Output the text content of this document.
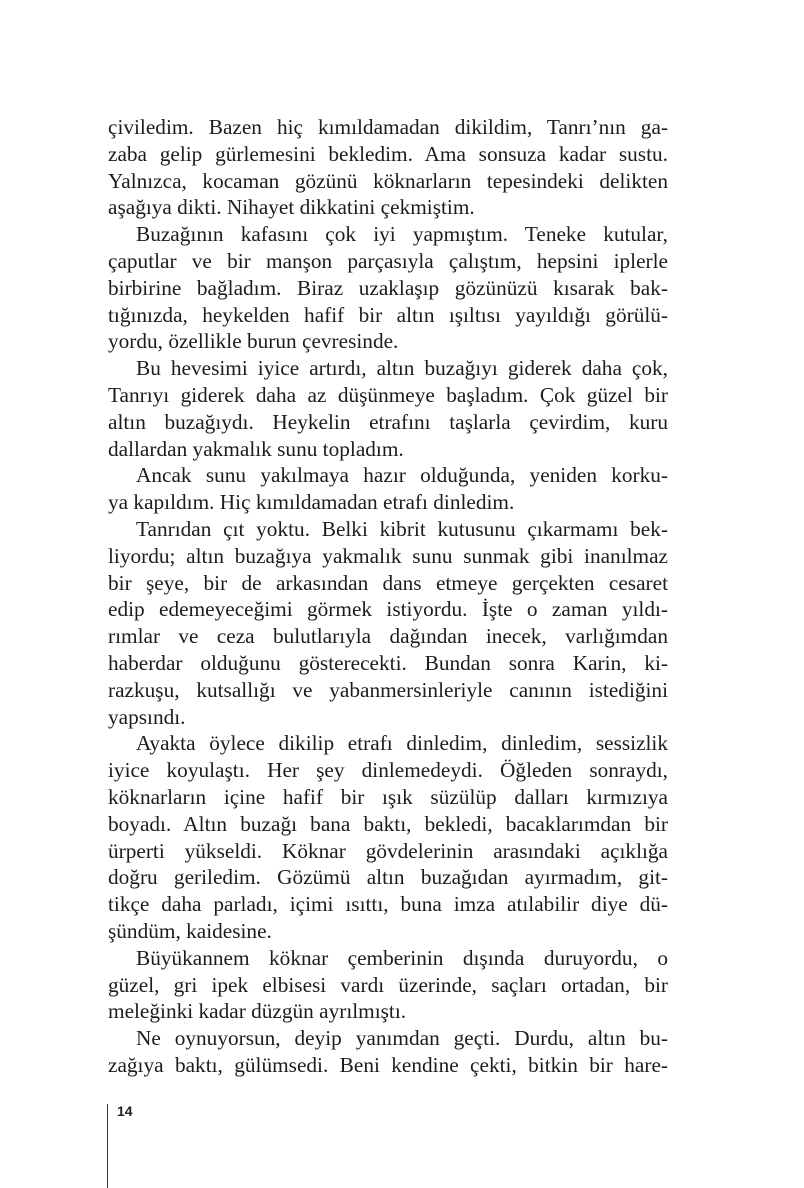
çiviledim. Bazen hiç kımıldamadan dikildim, Tanrı’nın ga-
zaba gelip gürlemesini bekledim. Ama sonsuza kadar sustu.
Yalnızca, kocaman gözünü köknarların tepesindeki delikten
aşağıya dikti. Nihayet dikkatini çekmiştim.
Buzağının kafasını çok iyi yapmıştım. Teneke kutular,
çaputlar ve bir manşon parçasıyla çalıştım, hepsini iplerle
birbirine bağladım. Biraz uzaklaşıp gözünüzü kısarak bak-
tığınızda, heykelden hafif bir altın ışıltısı yayıldığı görülü-
yordu, özellikle burun çevresinde.
Bu hevesimi iyice artırdı, altın buzağıyı giderek daha çok,
Tanrıyı giderek daha az düşünmeye başladım. Çok güzel bir
altın buzağıydı. Heykelin etrafını taşlarla çevirdim, kuru
dallardan yakmalık sunu topladım.
Ancak sunu yakılmaya hazır olduğunda, yeniden korku-
ya kapıldım. Hiç kımıldamadan etrafı dinledim.
Tanrıdan çıt yoktu. Belki kibrit kutusunu çıkarmamı bek-
liyordu; altın buzağıya yakmalık sunu sunmak gibi inanılmaz
bir şeye, bir de arkasından dans etmeye gerçekten cesaret
edip edemeyeceğimi görmek istiyordu. İşte o zaman yıldı-
rımlar ve ceza bulutlarıyla dağından inecek, varlığımdan
haberdar olduğunu gösterecekti. Bundan sonra Karin, ki-
razkuşu, kutsallığı ve yabanmersinleriyle canının istediğini
yapsındı.
Ayakta öylece dikilip etrafı dinledim, dinledim, sessizlik
iyice koyulaştı. Her şey dinlemedeydi. Öğleden sonraydı,
köknarların içine hafif bir ışık süzülüp dalları kırmızıya
boyadı. Altın buzağı bana baktı, bekledi, bacaklarımdan bir
ürperti yükseldi. Köknar gövdelerinin arasındaki açıklığa
doğru geriledim. Gözümü altın buzağıdan ayırmadım, git-
tikçe daha parladı, içimi ısıttı, buna imza atılabilir diye dü-
şündüm, kaidesine.
Büyükannem köknar çemberinin dışında duruyordu, o
güzel, gri ipek elbisesi vardı üzerinde, saçları ortadan, bir
meleğinki kadar düzgün ayrılmıştı.
Ne oynuyorsun, deyip yanımdan geçti. Durdu, altın bu-
zağıya baktı, gülümsedi. Beni kendine çekti, bitkin bir hare-
14
